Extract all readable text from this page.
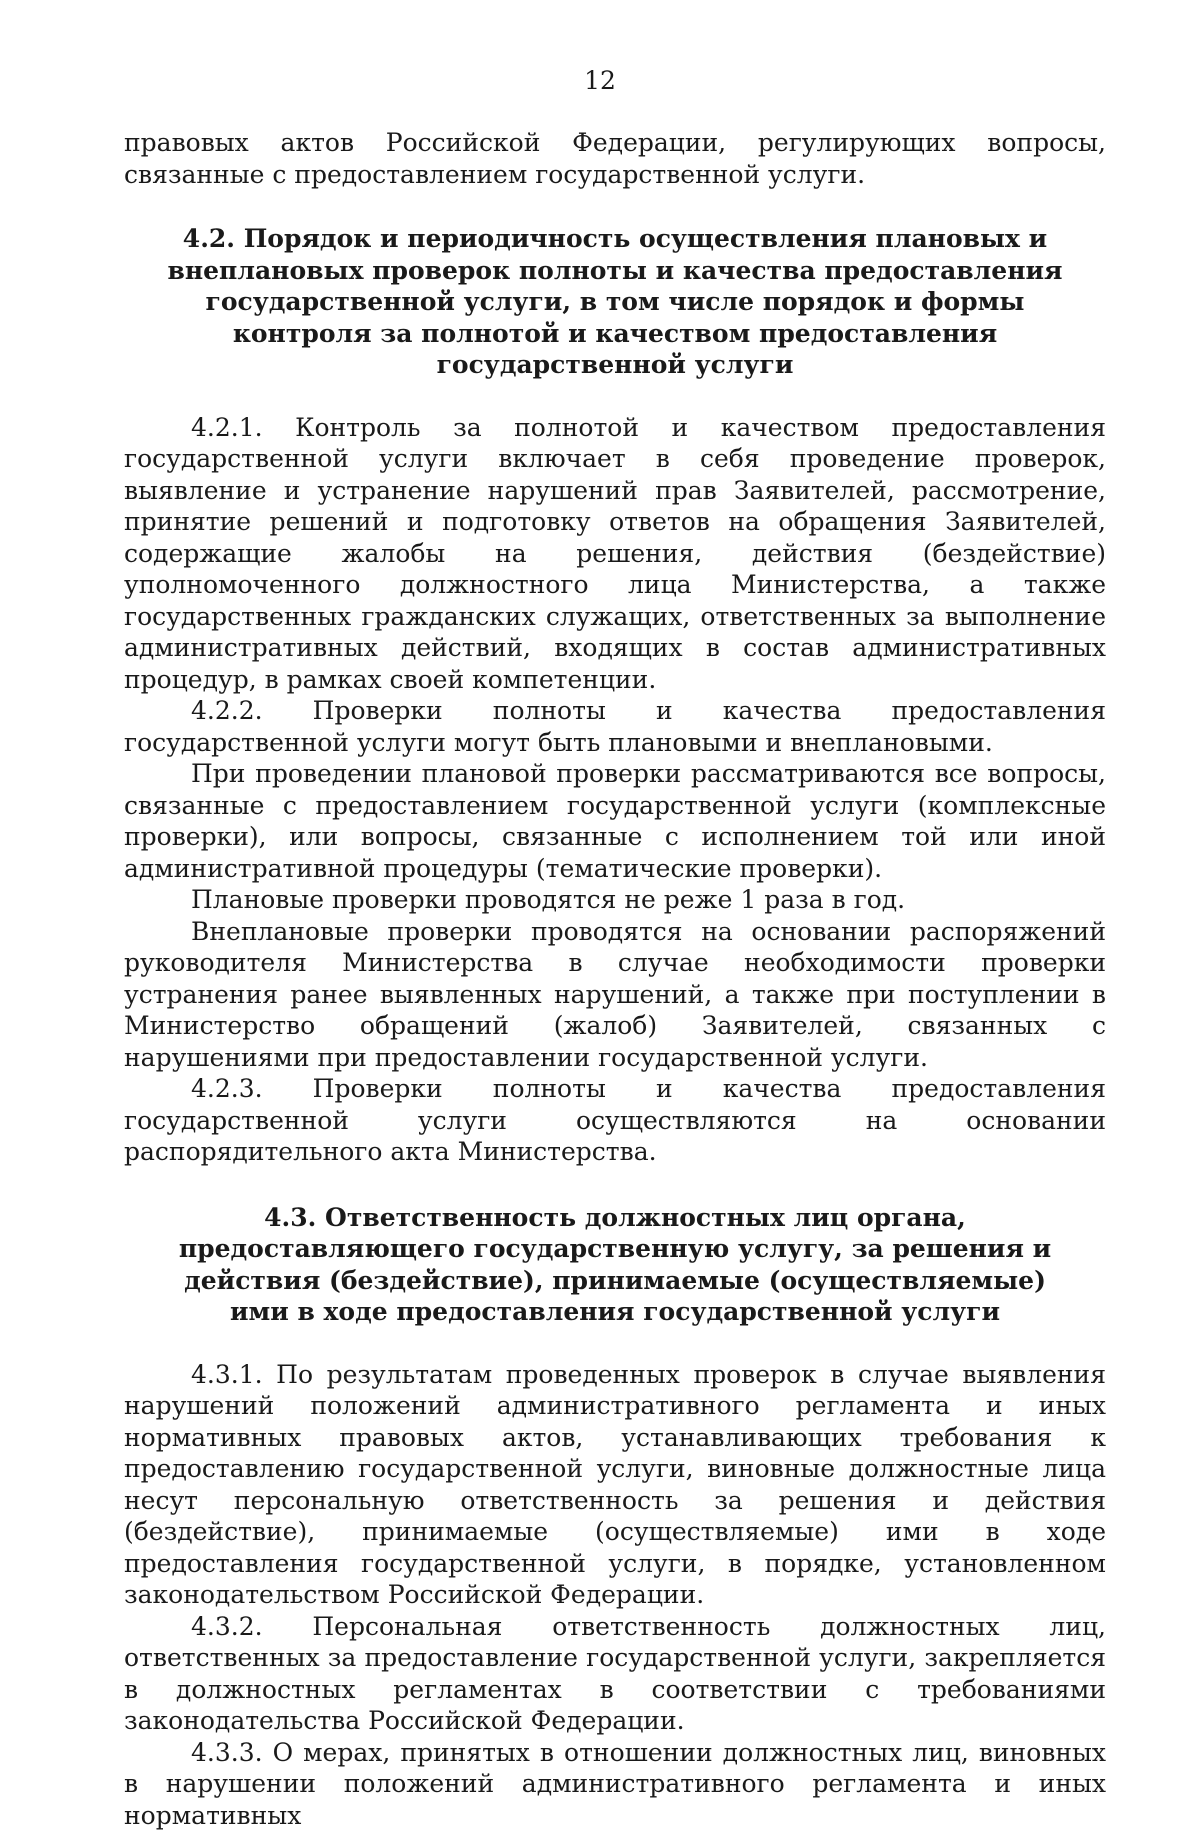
12

правовых актов Российской Федерации, регулирующих вопросы, связанные с предоставлением государственной услуги.

4.2. Порядок и периодичность осуществления плановых и внеплановых проверок полноты и качества предоставления государственной услуги, в том числе порядок и формы контроля за полнотой и качеством предоставления государственной услуги

4.2.1. Контроль за полнотой и качеством предоставления государственной услуги включает в себя проведение проверок, выявление и устранение нарушений прав Заявителей, рассмотрение, принятие решений и подготовку ответов на обращения Заявителей, содержащие жалобы на решения, действия (бездействие) уполномоченного должностного лица Министерства, а также государственных гражданских служащих, ответственных за выполнение административных действий, входящих в состав административных процедур, в рамках своей компетенции.

4.2.2. Проверки полноты и качества предоставления государственной услуги могут быть плановыми и внеплановыми.

При проведении плановой проверки рассматриваются все вопросы, связанные с предоставлением государственной услуги (комплексные проверки), или вопросы, связанные с исполнением той или иной административной процедуры (тематические проверки).

Плановые проверки проводятся не реже 1 раза в год.

Внеплановые проверки проводятся на основании распоряжений руководителя Министерства в случае необходимости проверки устранения ранее выявленных нарушений, а также при поступлении в Министерство обращений (жалоб) Заявителей, связанных с нарушениями при предоставлении государственной услуги.

4.2.3. Проверки полноты и качества предоставления государственной услуги осуществляются на основании распорядительного акта Министерства.

4.3. Ответственность должностных лиц органа, предоставляющего государственную услугу, за решения и действия (бездействие), принимаемые (осуществляемые) ими в ходе предоставления государственной услуги

4.3.1. По результатам проведенных проверок в случае выявления нарушений положений административного регламента и иных нормативных правовых актов, устанавливающих требования к предоставлению государственной услуги, виновные должностные лица несут персональную ответственность за решения и действия (бездействие), принимаемые (осуществляемые) ими в ходе предоставления государственной услуги, в порядке, установленном законодательством Российской Федерации.

4.3.2. Персональная ответственность должностных лиц, ответственных за предоставление государственной услуги, закрепляется в должностных регламентах в соответствии с требованиями законодательства Российской Федерации.

4.3.3. О мерах, принятых в отношении должностных лиц, виновных в нарушении положений административного регламента и иных нормативных
